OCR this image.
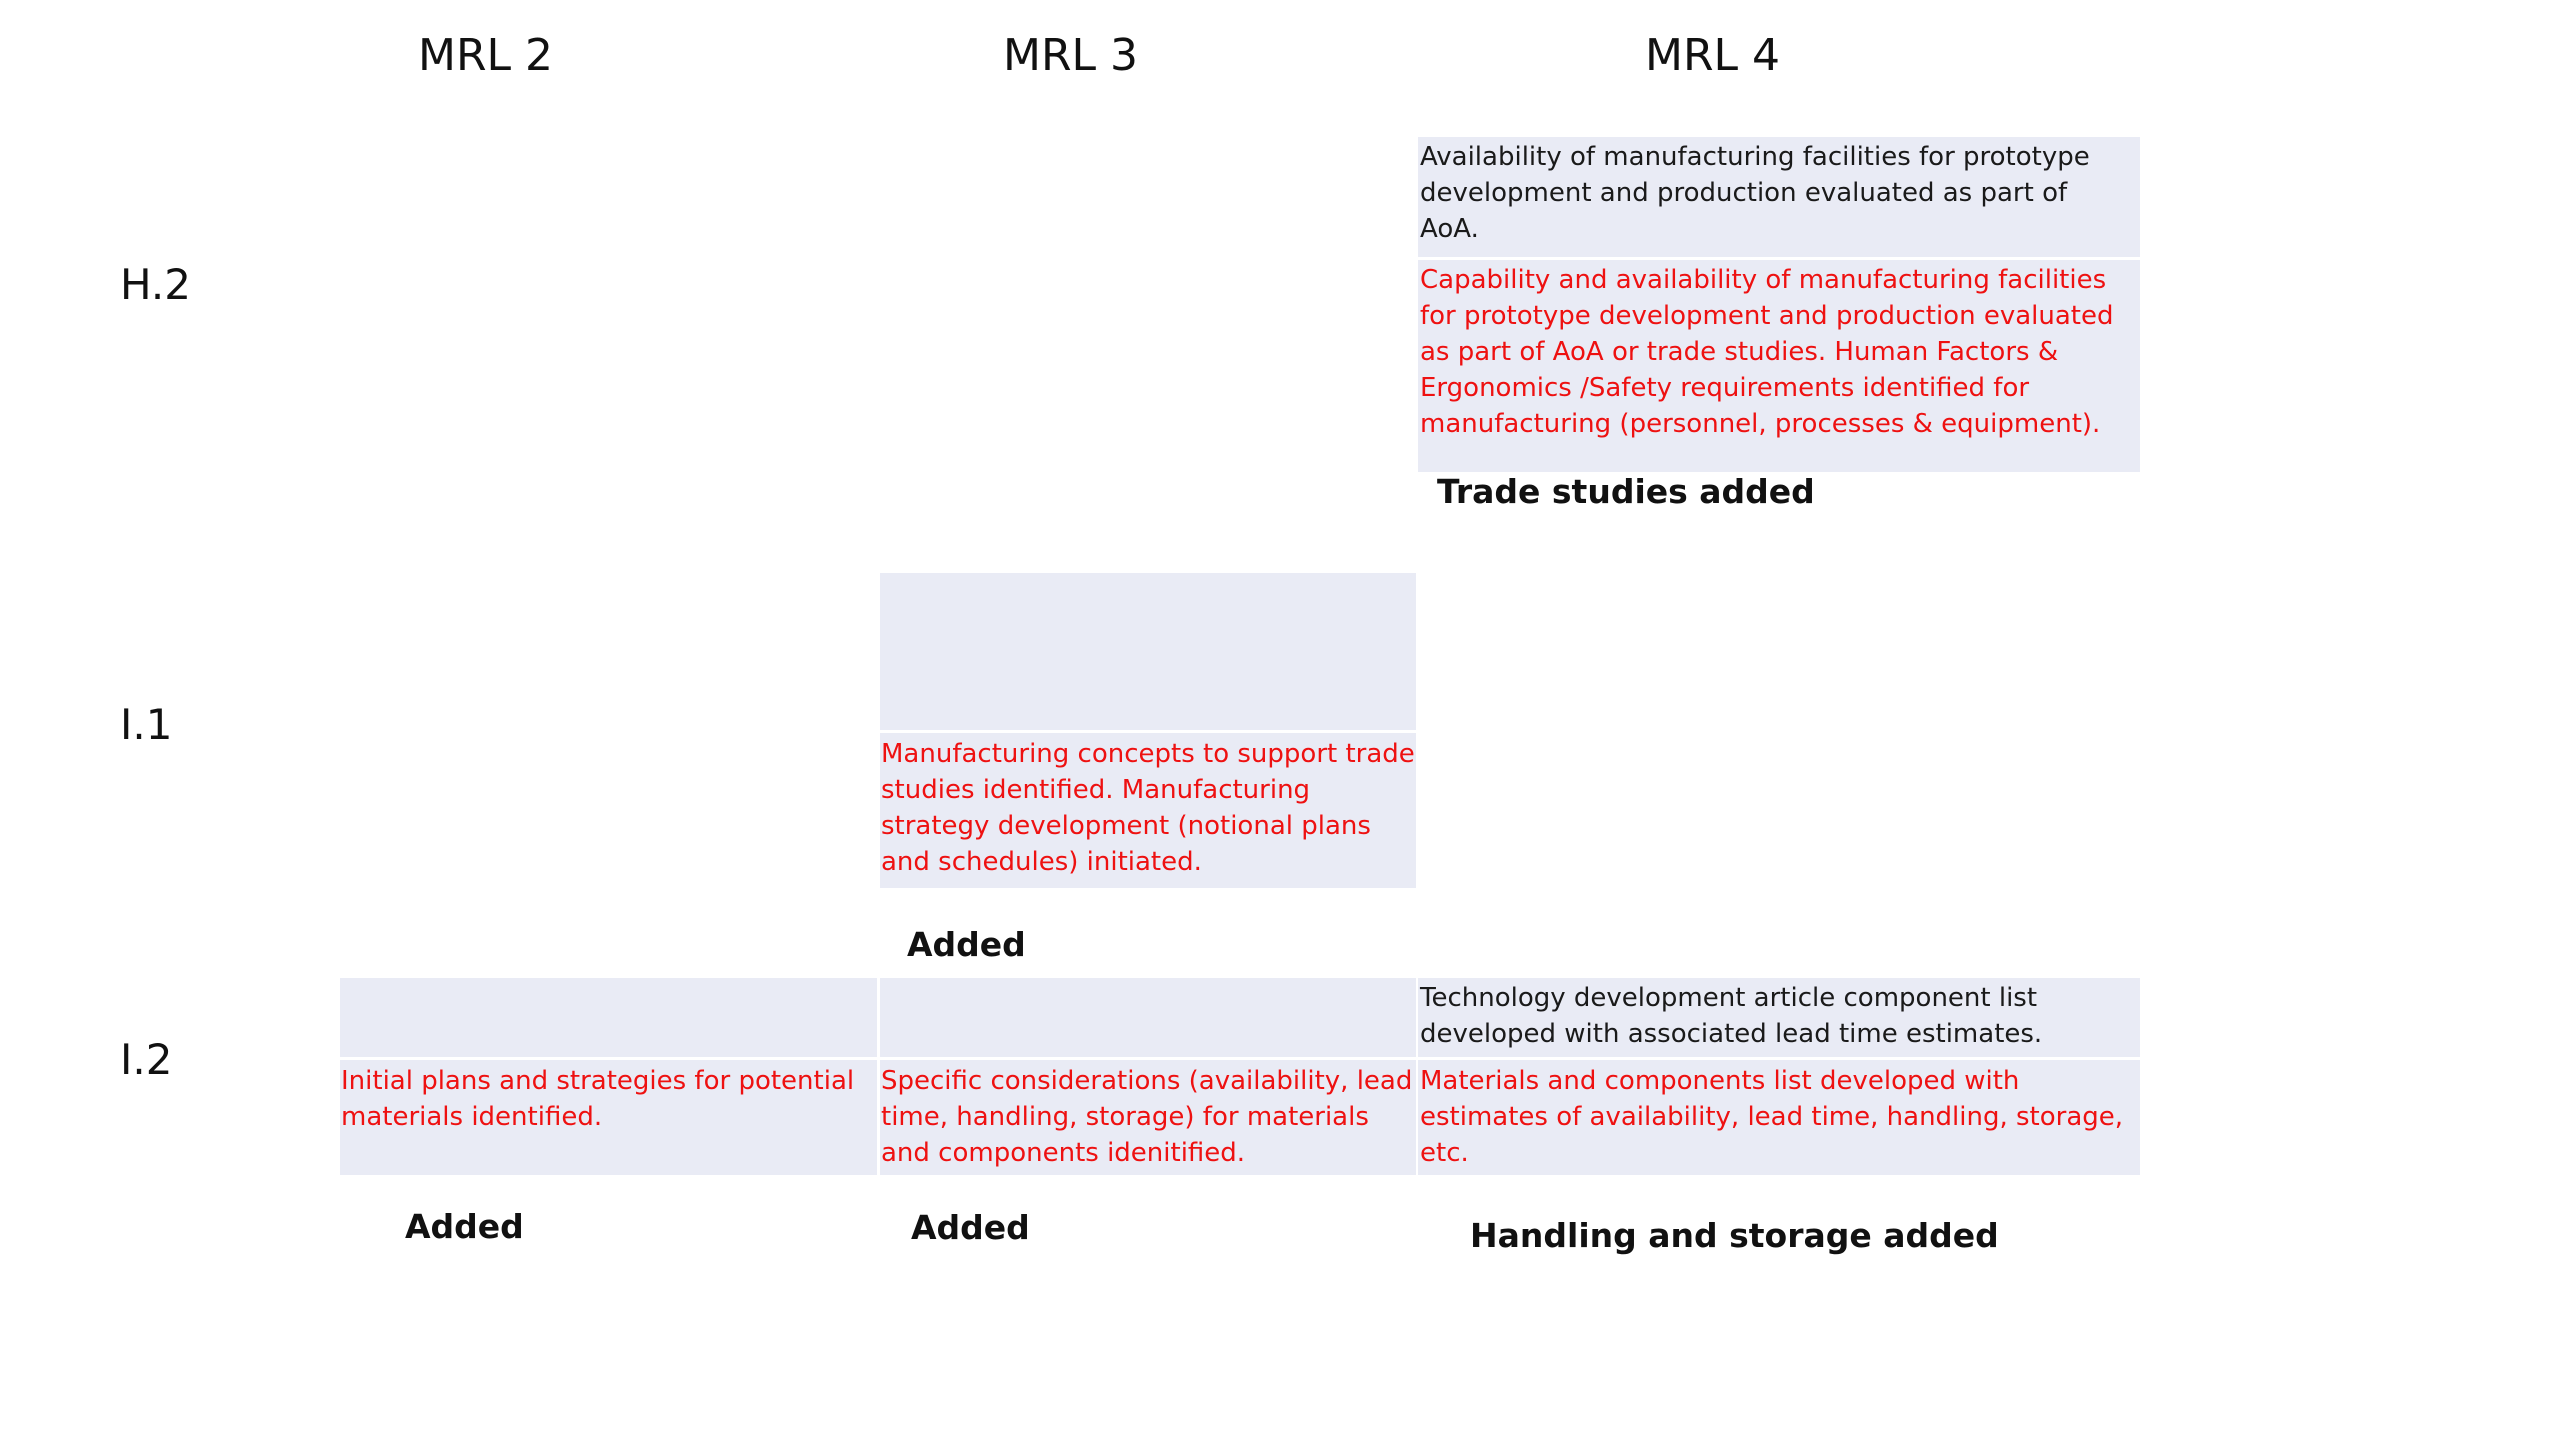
MRL 2	MRL 3	MRL 4
H.2
I.1
I.2

Availability of manufacturing facilities for prototype development and production evaluated as part of AoA.

Capability and availability of manufacturing facilities for prototype development and production evaluated as part of AoA or trade studies. Human Factors & Ergonomics /Safety requirements identified for manufacturing (personnel, processes & equipment).

Trade studies added

Manufacturing concepts to support trade studies identified. Manufacturing strategy development (notional plans and schedules) initiated.

Added

Initial plans and strategies for potential materials identified.

Added

Specific considerations (availability, lead time, handling, storage) for materials and components idenitified.

Added

Technology development article component list developed with associated lead time estimates.

Materials and components list developed with estimates of availability, lead time, handling, storage, etc.

Handling and storage added
